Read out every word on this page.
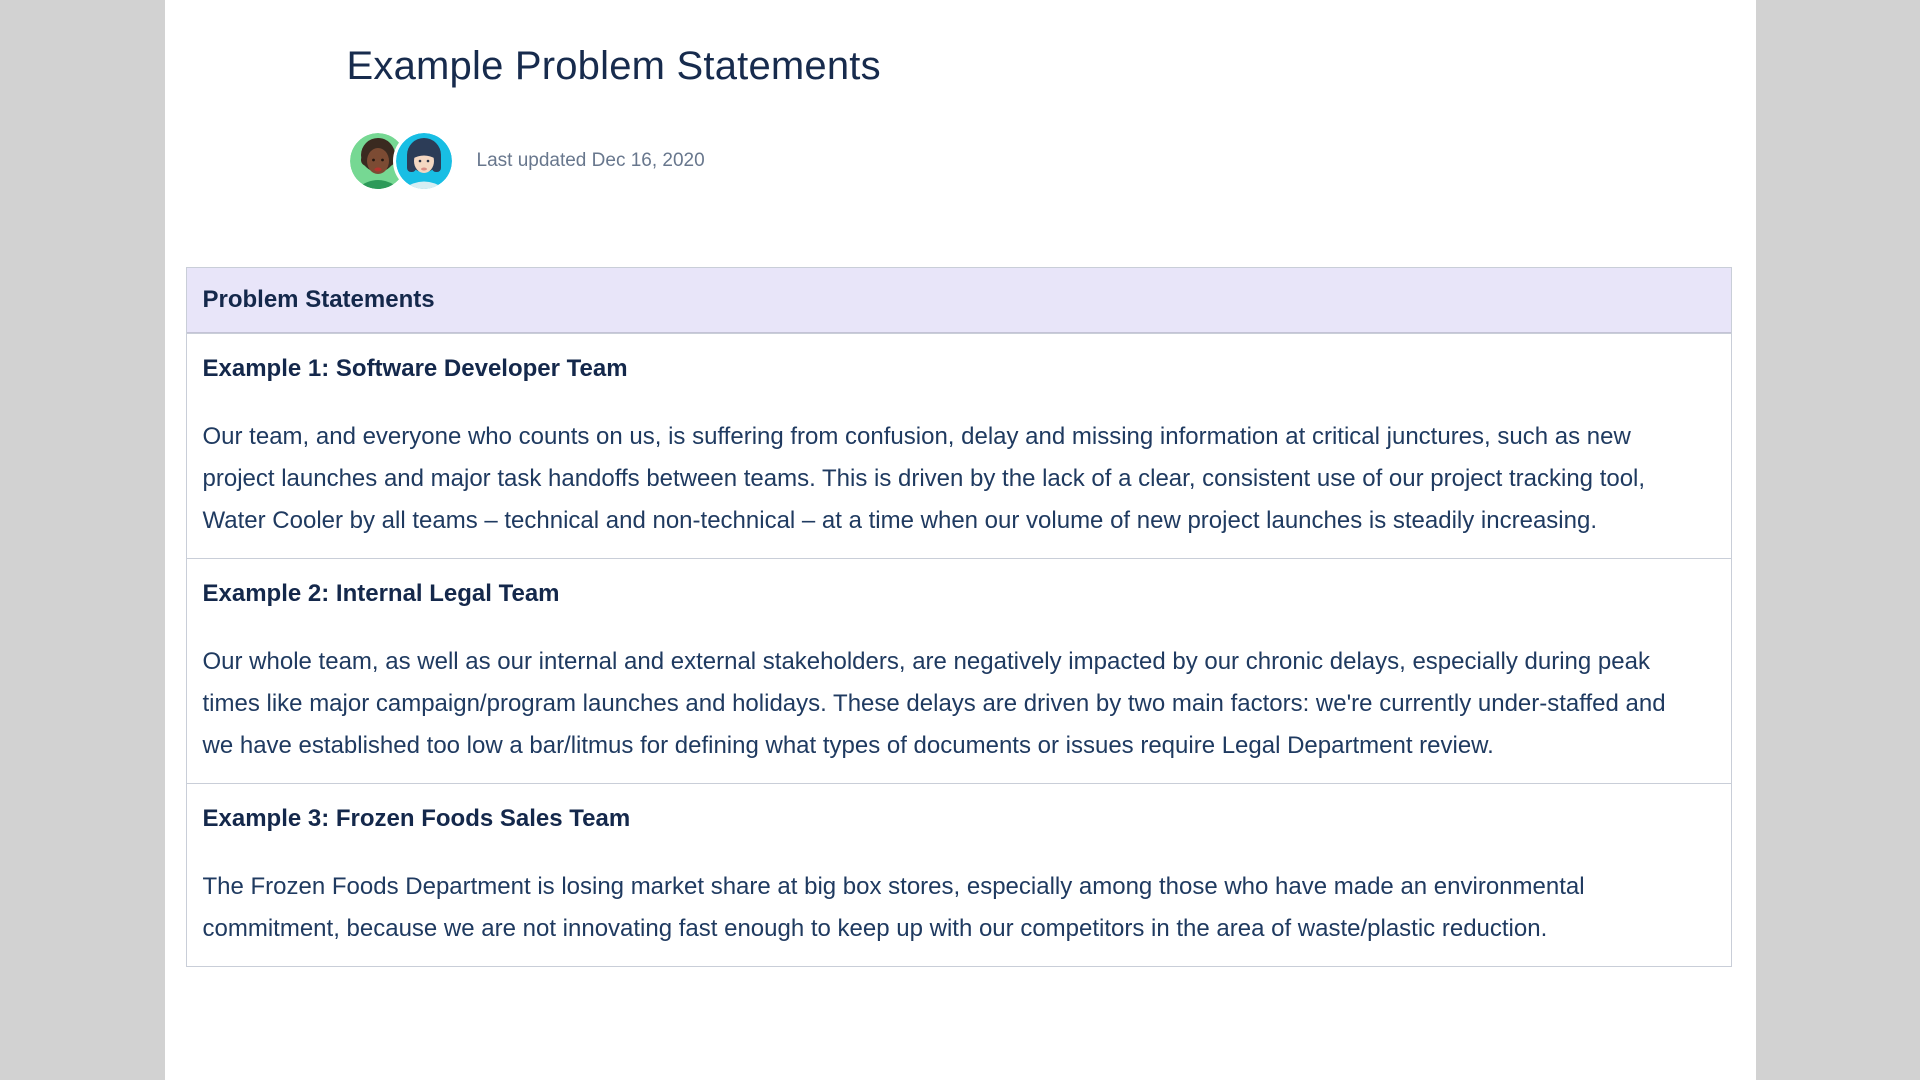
Example Problem Statements
Last updated Dec 16, 2020
Problem Statements
Example 1: Software Developer Team

Our team, and everyone who counts on us, is suffering from confusion, delay and missing information at critical junctures, such as new project launches and major task handoffs between teams. This is driven by the lack of a clear, consistent use of our project tracking tool, Water Cooler by all teams – technical and non-technical – at a time when our volume of new project launches is steadily increasing.

Example 2: Internal Legal Team

Our whole team, as well as our internal and external stakeholders, are negatively impacted by our chronic delays, especially during peak times like major campaign/program launches and holidays. These delays are driven by two main factors: we're currently under-staffed and we have established too low a bar/litmus for defining what types of documents or issues require Legal Department review.

Example 3: Frozen Foods Sales Team

The Frozen Foods Department is losing market share at big box stores, especially among those who have made an environmental commitment, because we are not innovating fast enough to keep up with our competitors in the area of waste/plastic reduction.
